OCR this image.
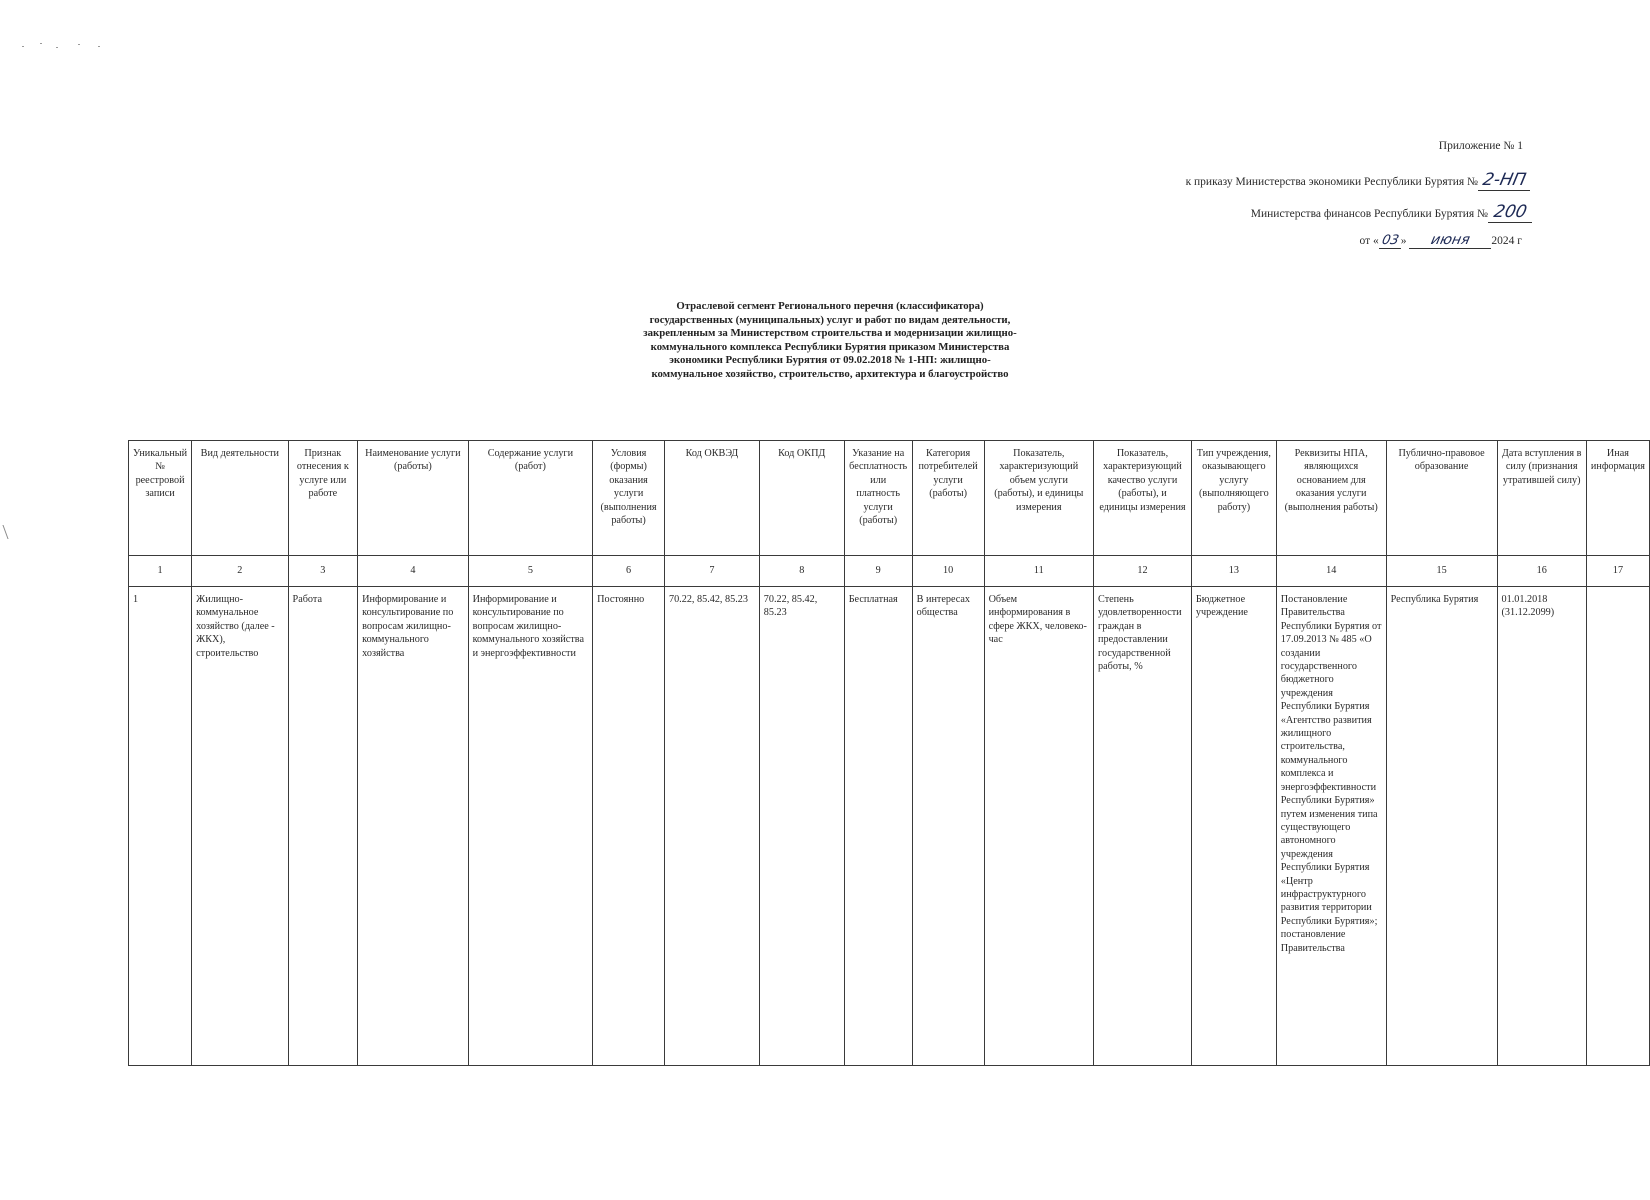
Приложение № 1
к приказу Министерства экономики Республики Бурятия № 2-НП
Министерства финансов Республики Бурятия № 200
от «03» июня 2024 г
Отраслевой сегмент Регионального перечня (классификатора) государственных (муниципальных) услуг и работ по видам деятельности, закрепленным за Министерством строительства и модернизации жилищно-коммунального комплекса Республики Бурятия приказом Министерства экономики Республики Бурятия от 09.02.2018 № 1-НП: жилищно-коммунальное хозяйство, строительство, архитектура и благоустройство
Уникальный № реестровой записи	Вид деятельности	Признак отнесения к услуге или работе	Наименование услуги (работы)	Содержание услуги (работ)	Условия (формы) оказания услуги (выполнения работы)	Код ОКВЭД	Код ОКПД	Указание на бесплатность или платность услуги (работы)	Категория потребителей услуги (работы)	Показатель, характеризующий объем услуги (работы), и единицы измерения	Показатель, характеризующий качество услуги (работы), и единицы измерения	Тип учреждения, оказывающего услугу (выполняющего работу)	Реквизиты НПА, являющихся основанием для оказания услуги (выполнения работы)	Публично-правовое образование	Дата вступления в силу (признания утратившей силу)	Иная информация
1	2	3	4	5	6	7	8	9	10	11	12	13	14	15	16	17
1	Жилищно-коммунальное хозяйство (далее - ЖКХ), строительство	Работа	Информирование и консультирование по вопросам жилищно-коммунального хозяйства	Информирование и консультирование по вопросам жилищно-коммунального хозяйства и энергоэффективности	Постоянно	70.22, 85.42, 85.23	70.22, 85.42, 85.23	Бесплатная	В интересах общества	Объем информирования в сфере ЖКХ, человеко-час	Степень удовлетворенности граждан в предоставлении государственной работы, %	Бюджетное учреждение	Постановление Правительства Республики Бурятия от 17.09.2013 № 485 «О создании государственного бюджетного учреждения Республики Бурятия «Агентство развития жилищного строительства, коммунального комплекса и энергоэффективности Республики Бурятия» путем изменения типа существующего автономного учреждения Республики Бурятия «Центр инфраструктурного развития территории Республики Бурятия»; постановление Правительства	Республика Бурятия	01.01.2018 (31.12.2099)	
